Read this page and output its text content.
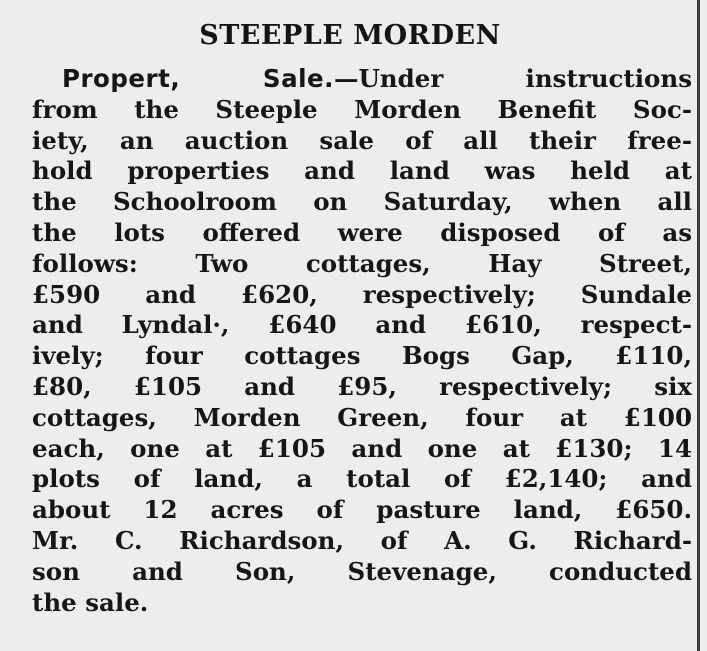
STEEPLE MORDEN
Propert, Sale.—Under instructions
from the Steeple Morden Benefit Soc-
iety, an auction sale of all their free-
hold properties and land was held at
the Schoolroom on Saturday, when all
the lots offered were disposed of as
follows: Two cottages, Hay Street,
£590 and £620, respectively; Sundale
and Lyndal·, £640 and £610, respect-
ively; four cottages Bogs Gap, £110,
£80, £105 and £95, respectively; six
cottages, Morden Green, four at £100
each, one at £105 and one at £130; 14
plots of land, a total of £2,140; and
about 12 acres of pasture land, £650.
Mr. C. Richardson, of A. G. Richard-
son and Son, Stevenage, conducted
the sale.
